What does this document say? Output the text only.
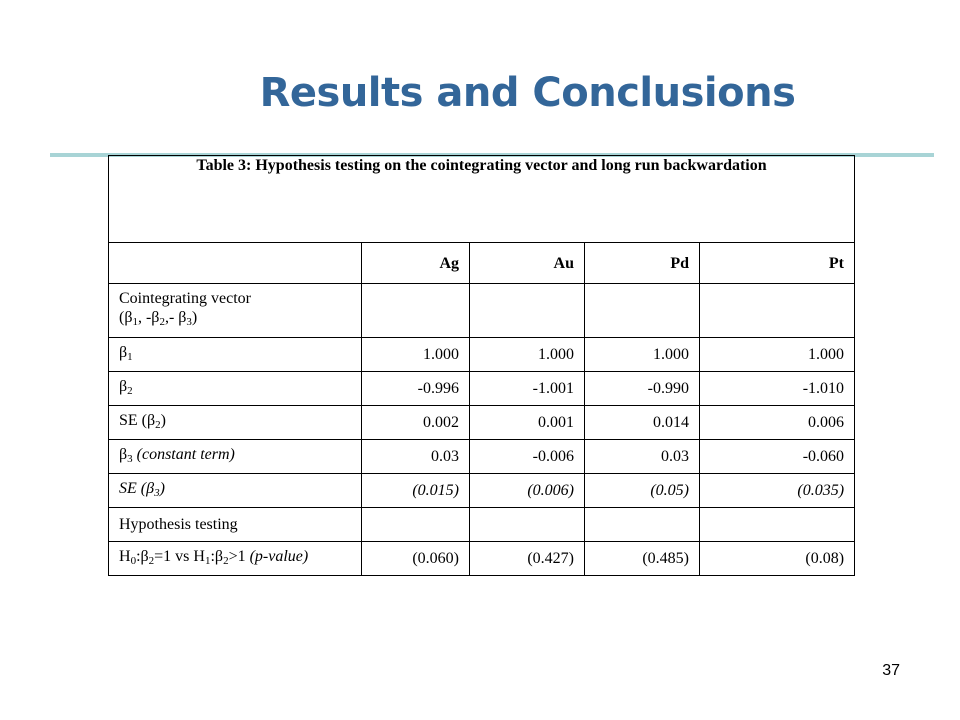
Results and Conclusions
Table 3: Hypothesis testing on the cointegrating vector and long run backwardation				
	Ag	Au	Pd	Pt

Cointegrating vector
($\beta_1$, $-\beta_2,-$ $\beta_3$)				

$\beta_1$	1.000	1.000	1.000	1.000
$\beta_2$	-0.996	-1.001	-0.990	-1.010
SE $(\beta_2)$	0.002	0.001	0.014	0.006
$\beta_3$ (constant term)	0.03	-0.006	0.03	-0.060
SE $(\beta_3)$	(0.015)	(0.006)	(0.05)	(0.035)
Hypothesis testing				
$H_0:\beta_2=1$ vs $H_1:\beta_2>1$ (p-value)	(0.060)	(0.427)	(0.485)	(0.08)
37
